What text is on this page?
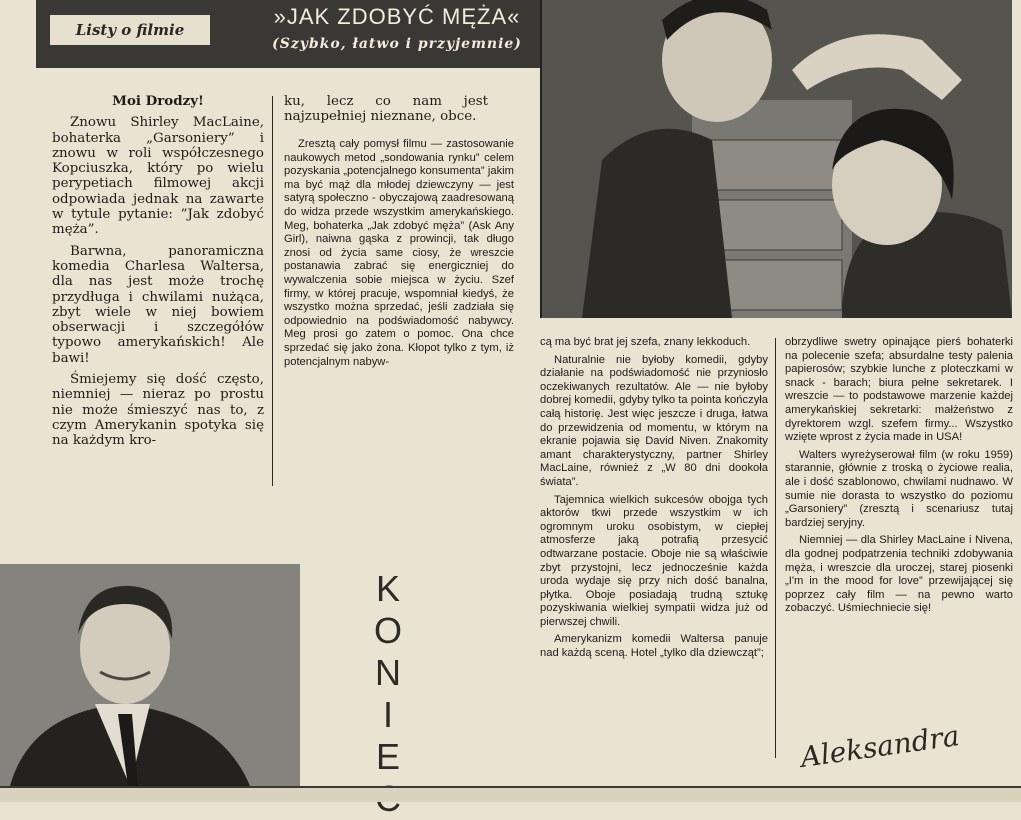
Listy o filmie
»JAK ZDOBYĆ MĘŻA«
(Szybko, łatwo i przyjemnie)
Moi Drodzy!

Znowu Shirley MacLaine, bohaterka „Garsoniery” i znowu w roli współczesnego Kopciuszka, który po wielu perypetiach filmowej akcji odpowiada jednak na zawarte w tytule pytanie: ”Jak zdobyć męża”.

Barwna, panoramiczna komedia Charlesa Waltersa, dla nas jest może trochę przydługa i chwilami nużąca, zbyt wiele w niej bowiem obserwacji i szczegółów typowo amerykańskich! Ale bawi!

Śmiejemy się dość często, niemniej — nieraz po prostu nie może śmieszyć nas to, z czym Amerykanin spotyka się na każdym kro-

ku, lecz co nam jest najzupełniej nieznane, obce.

Zresztą cały pomysł filmu — zastosowanie naukowych metod „sondowania rynku” celem pozyskania „potencjalnego konsumenta” jakim ma być mąż dla młodej dziewczyny — jest satyrą społeczno - obyczajową zaadresowaną do widza przede wszystkim amerykańskiego. Meg, bohaterka „Jak zdobyć męża” (Ask Any Girl), naiwna gąska z prowincji, tak długo znosi od życia same ciosy, że wreszcie postanawia zabrać się energiczniej do wywalczenia sobie miejsca w życiu. Szef firmy, w której pracuje, wspomniał kiedyś, że wszystko można sprzedać, jeśli zadziała się odpowiednio na podświadomość nabywcy. Meg prosi go zatem o pomoc. Ona chce sprzedać się jako żona. Kłopot tylko z tym, iż potencjalnym nabyw-

cą ma być brat jej szefa, znany lekkoduch.

Naturalnie nie byłoby komedii, gdyby działanie na podświadomość nie przyniosło oczekiwanych rezultatów. Ale — nie byłoby dobrej komedii, gdyby tylko ta pointa kończyła całą historię. Jest więc jeszcze i druga, łatwa do przewidzenia od momentu, w którym na ekranie pojawia się David Niven. Znakomity amant charakterystyczny, partner Shirley MacLaine, również z „W 80 dni dookoła świata”.

Tajemnica wielkich sukcesów obojga tych aktorów tkwi przede wszystkim w ich ogromnym uroku osobistym, w ciepłej atmosferze jaką potrafią przesycić odtwarzane postacie. Oboje nie są właściwie zbyt przystojni, lecz jednocześnie każda uroda wydaje się przy nich dość banalna, płytka. Oboje posiadają trudną sztukę pozyskiwania wielkiej sympatii widza już od pierwszej chwili.

Amerykanizm komedii Waltersa panuje nad każdą sceną. Hotel „tylko dla dziewcząt”;

obrzydliwe swetry opinające pierś bohaterki na polecenie szefa; absurdalne testy palenia papierosów; szybkie lunche z ploteczkami w snack - barach; biura pełne sekretarek. I wreszcie — to podstawowe marzenie każdej amerykańskiej sekretarki: małżeństwo z dyrektorem wzgl. szefem firmy... Wszystko wzięte wprost z życia made in USA!

Walters wyreżyserował film (w roku 1959) starannie, głównie z troską o życiowe realia, ale i dość szablonowo, chwilami nudnawo. W sumie nie dorasta to wszystko do poziomu „Garsoniery” (zresztą i scenariusz tutaj bardziej seryjny.

Niemniej — dla Shirley MacLaine i Nivena, dla godnej podpatrzenia techniki zdobywania męża, i wreszcie dla uroczej, starej piosenki „I'm in the mood for love” przewijającej się poprzez cały film — na pewno warto zobaczyć. Uśmiechniecie się!

K
O
N
I
E	Aleksandra
